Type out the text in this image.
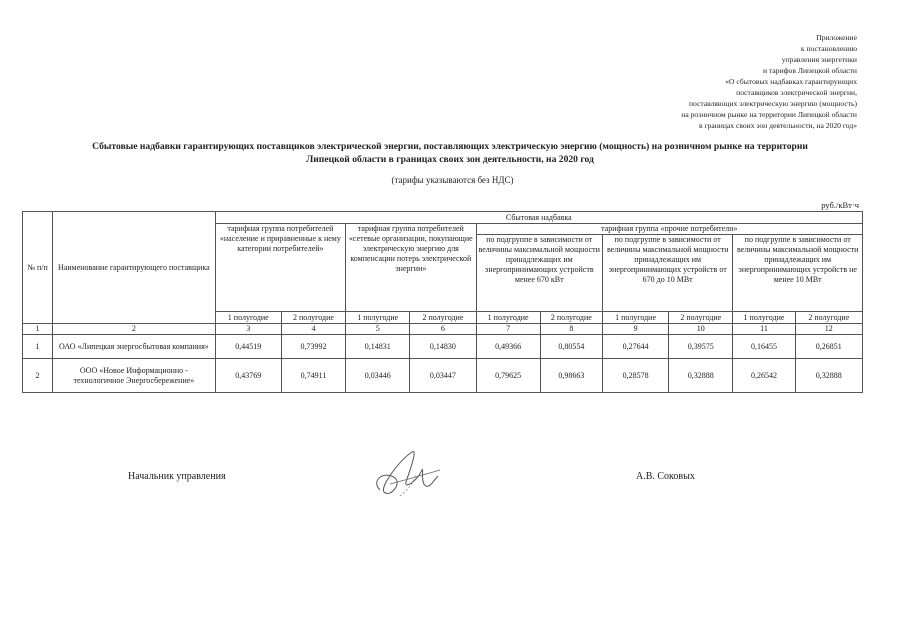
Приложение
к постановлению
управления энергетики
и тарифов Липецкой области
«О сбытовых надбавках гарантирующих
поставщиков электрической энергии,
поставляющих электрическую энергию (мощность)
на розничном рынке на территории Липецкой области
в границах своих зон деятельности, на 2020 год»
Сбытовые надбавки гарантирующих поставщиков электрической энергии, поставляющих электрическую энергию (мощность) на розничном рынке на территории
Липецкой области в границах своих зон деятельности, на 2020 год
(тарифы указываются без НДС)
руб./кВт·ч
№ п/п	Наименование гарантирующего поставщика	Сбытовая надбавка									
		тарифная группа потребителей «население и приравненные к нему категории потребителей»		тарифная группа потребителей «сетевые организации, покупающие электрическую энергию для компенсации потерь электрической энергии»		тарифная группа «прочие потребители»					
						по подгруппе в зависимости от величины максимальной мощности принадлежащих им энергопринимающих устройств менее 670 кВт		по подгруппе в зависимости от величины максимальной мощности принадлежащих им энергопринимающих устройств от 670 до 10 МВт		по подгруппе в зависимости от величины максимальной мощности принадлежащих им энергопринимающих устройств не менее 10 МВт	
		1 полугодие	2 полугодие	1 полугодие	2 полугодие	1 полугодие	2 полугодие	1 полугодие	2 полугодие	1 полугодие	2 полугодие
1	2	3	4	5	6	7	8	9	10	11	12
1	ОАО «Липецкая энергосбытовая компания»	0,44519	0,73992	0,14831	0,14830	0,49366	0,80554	0,27644	0,39575	0,16455	0,26851
2	ООО «Новое Информационно - технологичное Энергосбережение»	0,43769	0,74911	0,03446	0,03447	0,79625	0,98663	0,28578	0,32888	0,26542	0,32888
Начальник управления	А.В. Соковых
